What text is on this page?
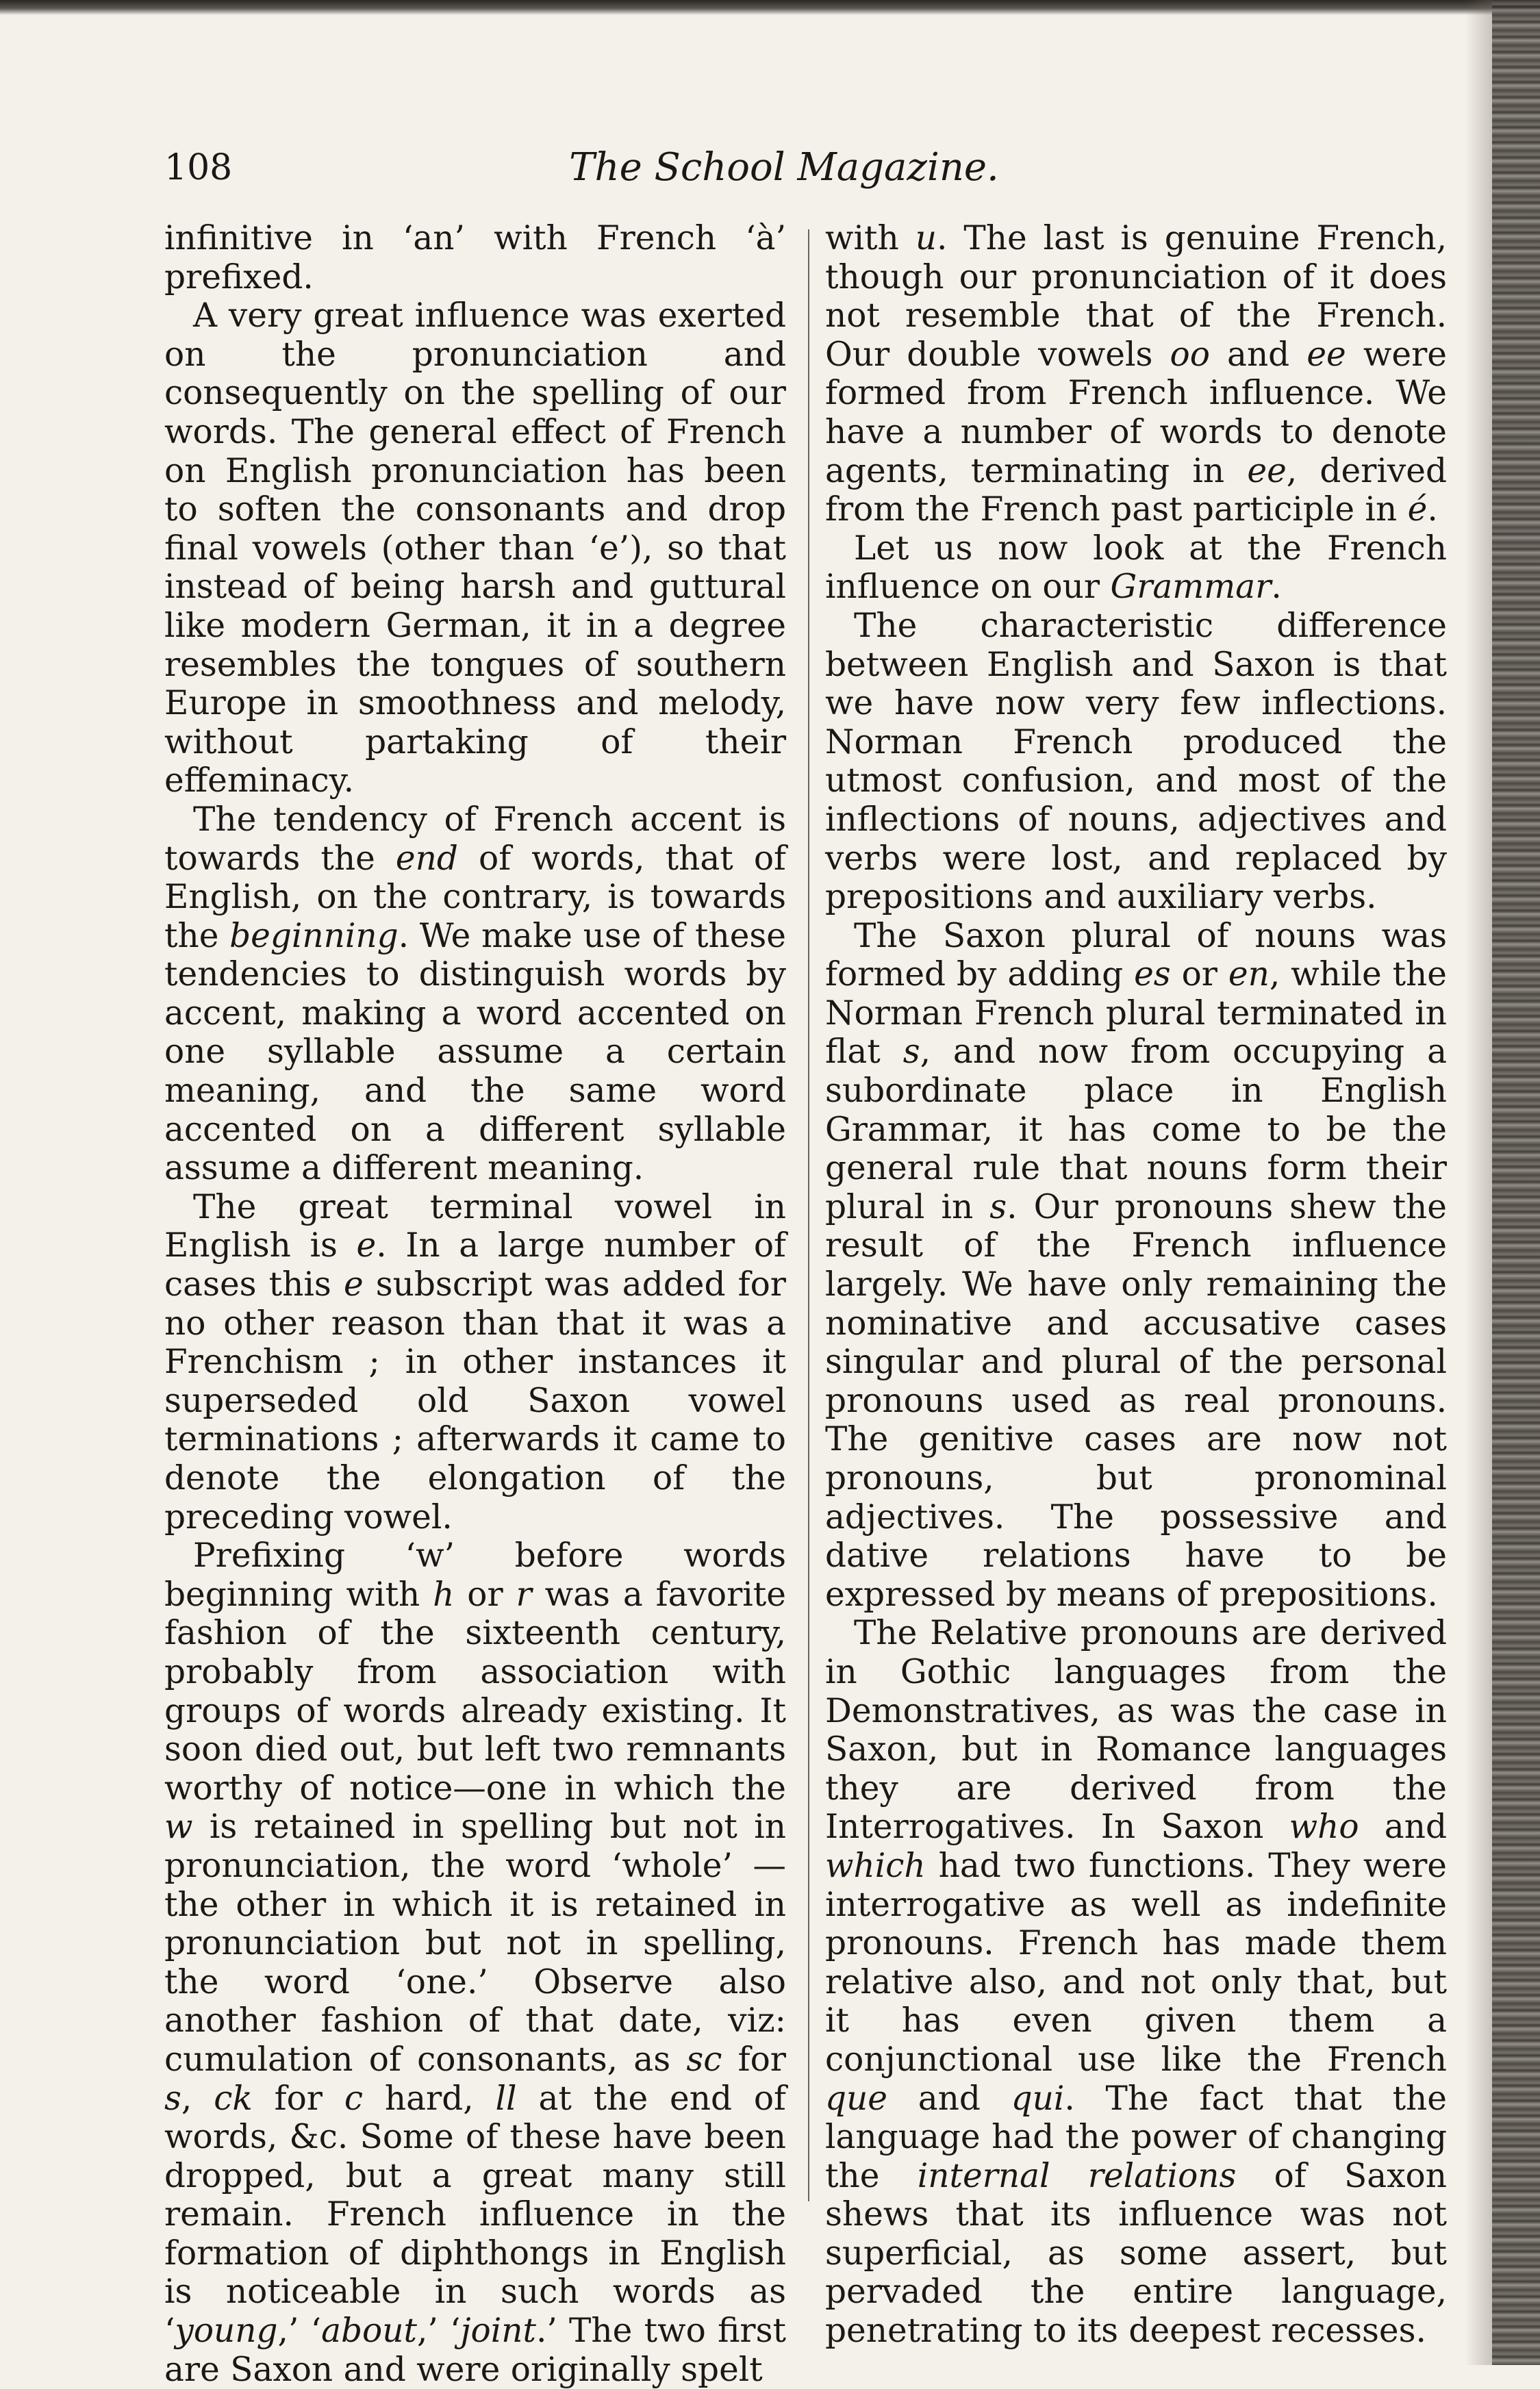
108	The School Magazine.

infinitive in ‘an’ with French ‘à’ prefixed.

A very great influence was exerted on the pronunciation and consequently on the spelling of our words. The general effect of French on English pronunciation has been to soften the consonants and drop final vowels (other than ‘e’), so that instead of being harsh and guttural like modern German, it in a degree resembles the tongues of southern Europe in smoothness and melody, without partaking of their effeminacy.

The tendency of French accent is towards the end of words, that of English, on the contrary, is towards the beginning. We make use of these tendencies to distinguish words by accent, making a word accented on one syllable assume a certain meaning, and the same word accented on a different syllable assume a different meaning.

The great terminal vowel in English is e. In a large number of cases this e subscript was added for no other reason than that it was a Frenchism ; in other instances it superseded old Saxon vowel terminations ; afterwards it came to denote the elongation of the preceding vowel.

Prefixing ‘w’ before words beginning with h or r was a favorite fashion of the sixteenth century, probably from association with groups of words already existing. It soon died out, but left two remnants worthy of notice—one in which the w is retained in spelling but not in pronunciation, the word ‘whole’ —the other in which it is retained in pronunciation but not in spelling, the word ‘one.’ Observe also another fashion of that date, viz: cumulation of consonants, as sc for s, ck for c hard, ll at the end of words, &c. Some of these have been dropped, but a great many still remain. French influence in the formation of diphthongs in English is noticeable in such words as ‘young,’ ‘about,’ ‘joint.’ The two first are Saxon and were originally spelt

with u. The last is genuine French, though our pronunciation of it does not resemble that of the French. Our double vowels oo and ee were formed from French influence. We have a number of words to denote agents, terminating in ee, derived from the French past participle in é.

Let us now look at the French influence on our Grammar.

The characteristic difference between English and Saxon is that we have now very few inflections. Norman French produced the utmost confusion, and most of the inflections of nouns, adjectives and verbs were lost, and replaced by prepositions and auxiliary verbs.

The Saxon plural of nouns was formed by adding es or en, while the Norman French plural terminated in flat s, and now from occupying a subordinate place in English Grammar, it has come to be the general rule that nouns form their plural in s. Our pronouns shew the result of the French influence largely. We have only remaining the nominative and accusative cases singular and plural of the personal pronouns used as real pronouns. The genitive cases are now not pronouns, but pronominal adjectives. The possessive and dative relations have to be expressed by means of prepositions.

The Relative pronouns are derived in Gothic languages from the Demonstratives, as was the case in Saxon, but in Romance languages they are derived from the Interrogatives. In Saxon who and which had two functions. They were interrogative as well as indefinite pronouns. French has made them relative also, and not only that, but it has even given them a conjunctional use like the French que and qui. The fact that the language had the power of changing the internal relations of Saxon shews that its influence was not superficial, as some assert, but pervaded the entire language, penetrating to its deepest recesses.
